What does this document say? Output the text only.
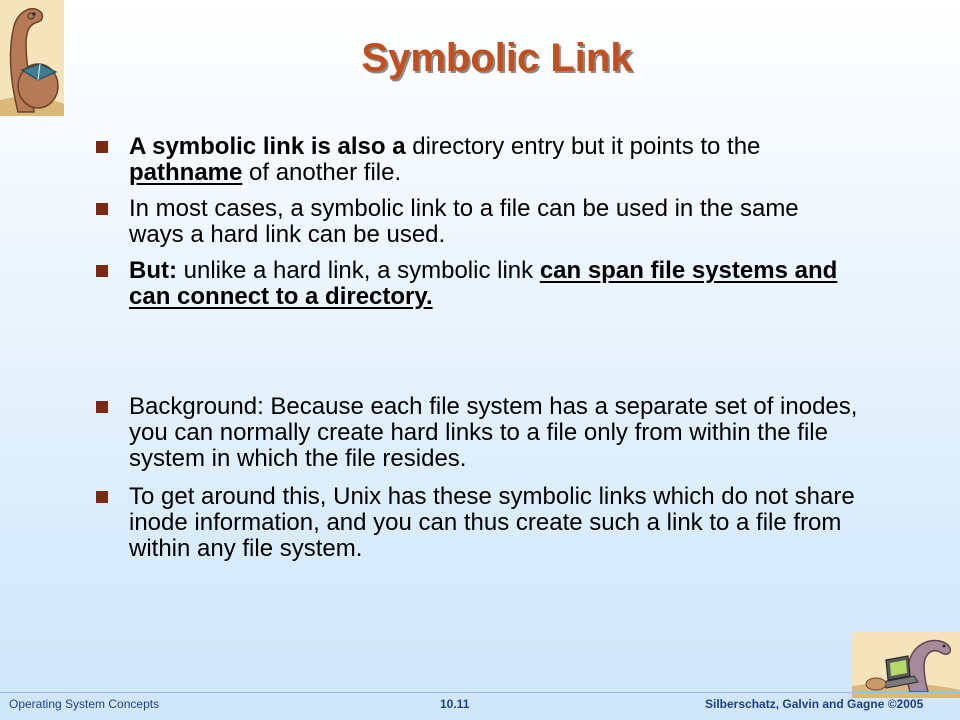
Symbolic Link
A symbolic link is also a directory entry but it points to the pathname of another file.
In most cases, a symbolic link to a file can be used in the same ways a hard link can be used.
But: unlike a hard link, a symbolic link can span file systems and can connect to a directory.
Background: Because each file system has a separate set of inodes, you can normally create hard links to a file only from within the file system in which the file resides.
To get around this, Unix has these symbolic links which do not share inode information, and you can thus create such a link to a file from within any file system.
Operating System Concepts	10.11	Silberschatz, Galvin and Gagne ©2005
